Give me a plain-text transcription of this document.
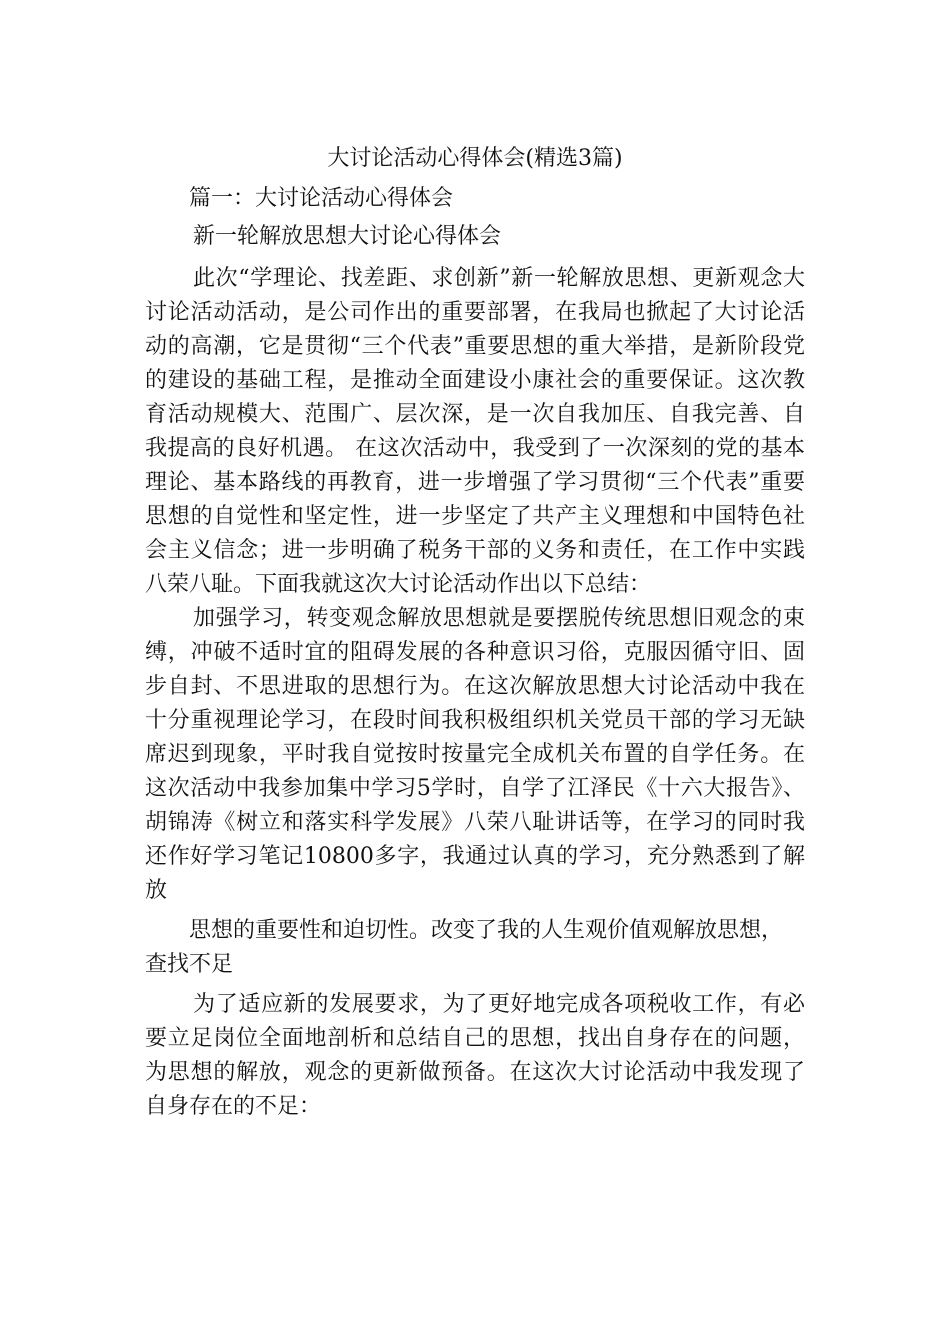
大讨论活动心得体会(精选3篇)
篇一：大讨论活动心得体会
新一轮解放思想大讨论心得体会
此次“学理论、找差距、求创新”新一轮解放思想、更新观念大
讨论活动活动，是公司作出的重要部署，在我局也掀起了大讨论活
动的高潮，它是贯彻“三个代表”重要思想的重大举措，是新阶段党
的建设的基础工程，是推动全面建设小康社会的重要保证。这次教
育活动规模大、范围广、层次深，是一次自我加压、自我完善、自
我提高的良好机遇。 在这次活动中，我受到了一次深刻的党的基本
理论、基本路线的再教育，进一步增强了学习贯彻“三个代表”重要
思想的自觉性和坚定性，进一步坚定了共产主义理想和中国特色社
会主义信念；进一步明确了税务干部的义务和责任，在工作中实践
八荣八耻。下面我就这次大讨论活动作出以下总结：
加强学习，转变观念解放思想就是要摆脱传统思想旧观念的束
缚，冲破不适时宜的阻碍发展的各种意识习俗，克服因循守旧、固
步自封、不思进取的思想行为。在这次解放思想大讨论活动中我在
十分重视理论学习，在段时间我积极组织机关党员干部的学习无缺
席迟到现象，平时我自觉按时按量完全成机关布置的自学任务。在
这次活动中我参加集中学习5学时，自学了江泽民《十六大报告》、
胡锦涛《树立和落实科学发展》八荣八耻讲话等，在学习的同时我
还作好学习笔记10800多字，我通过认真的学习，充分熟悉到了解
放
思想的重要性和迫切性。改变了我的人生观价值观解放思想，
查找不足
为了适应新的发展要求，为了更好地完成各项税收工作，有必
要立足岗位全面地剖析和总结自己的思想，找出自身存在的问题，
为思想的解放，观念的更新做预备。在这次大讨论活动中我发现了
自身存在的不足：
